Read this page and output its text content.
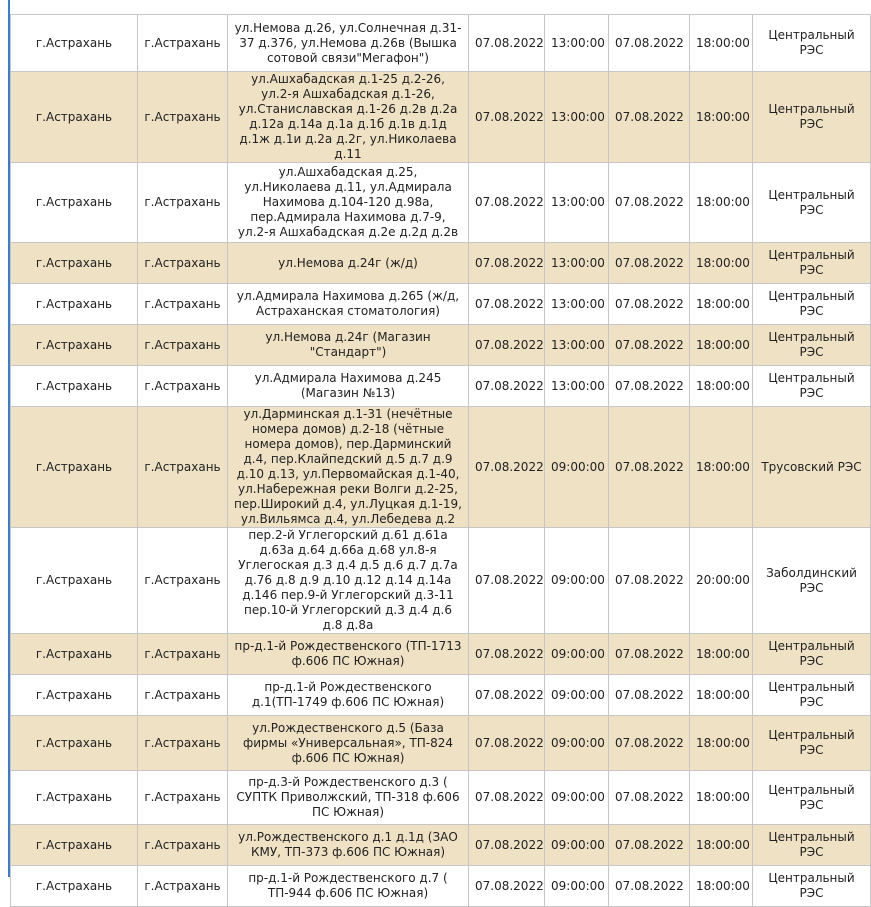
г.Астрахань	г.Астрахань	ул.Немова д.26, ул.Солнечная д.31-37 д.376, ул.Немова д.26в (Вышка сотовой связи"Мегафон")	07.08.2022	13:00:00	07.08.2022	18:00:00	Центральный РЭС
г.Астрахань	г.Астрахань	ул.Ашхабадская д.1-25 д.2-26, ул.2-я Ашхабадская д.1-26, ул.Станиславская д.1-26 д.2в д.2а д.12а д.14а д.1а д.1б д.1в д.1д д.1ж д.1и д.2а д.2г, ул.Николаева д.11	07.08.2022	13:00:00	07.08.2022	18:00:00	Центральный РЭС
г.Астрахань	г.Астрахань	ул.Ашхабадская д.25, ул.Николаева д.11, ул.Адмирала Нахимова д.104-120 д.98а, пер.Адмирала Нахимова д.7-9, ул.2-я Ашхабадская д.2е д.2д д.2в	07.08.2022	13:00:00	07.08.2022	18:00:00	Центральный РЭС
г.Астрахань	г.Астрахань	ул.Немова д.24г (ж/д)	07.08.2022	13:00:00	07.08.2022	18:00:00	Центральный РЭС
г.Астрахань	г.Астрахань	ул.Адмирала Нахимова д.265 (ж/д, Астраханская стоматология)	07.08.2022	13:00:00	07.08.2022	18:00:00	Центральный РЭС
г.Астрахань	г.Астрахань	ул.Немова д.24г (Магазин "Стандарт")	07.08.2022	13:00:00	07.08.2022	18:00:00	Центральный РЭС
г.Астрахань	г.Астрахань	ул.Адмирала Нахимова д.245 (Магазин №13)	07.08.2022	13:00:00	07.08.2022	18:00:00	Центральный РЭС
г.Астрахань	г.Астрахань	ул.Дарминская д.1-31 (нечётные номера домов) д.2-18 (чётные номера домов), пер.Дарминский д.4, пер.Клайпедский д.5 д.7 д.9 д.10 д.13, ул.Первомайская д.1-40, ул.Набережная реки Волги д.2-25, пер.Широкий д.4, ул.Луцкая д.1-19, ул.Вильямса д.4, ул.Лебедева д.2	07.08.2022	09:00:00	07.08.2022	18:00:00	Трусовский РЭС
г.Астрахань	г.Астрахань	пер.2-й Углегорский д.61 д.61а д.63а д.64 д.66а д.68 ул.8-я Углегоская д.3 д.4 д.5 д.6 д.7 д.7а д.76 д.8 д.9 д.10 д.12 д.14 д.14а д.146 пер.9-й Углегорский д.3-11 пер.10-й Углегорский д.3 д.4 д.6 д.8 д.8а	07.08.2022	09:00:00	07.08.2022	20:00:00	Заболдинский РЭС
г.Астрахань	г.Астрахань	пр-д.1-й Рождественского (ТП-1713 ф.606 ПС Южная)	07.08.2022	09:00:00	07.08.2022	18:00:00	Центральный РЭС
г.Астрахань	г.Астрахань	пр-д.1-й Рождественского д.1(ТП-1749 ф.606 ПС Южная)	07.08.2022	09:00:00	07.08.2022	18:00:00	Центральный РЭС
г.Астрахань	г.Астрахань	ул.Рождественского д.5 (База фирмы «Универсальная», ТП-824 ф.606 ПС Южная)	07.08.2022	09:00:00	07.08.2022	18:00:00	Центральный РЭС
г.Астрахань	г.Астрахань	пр-д.3-й Рождественского д.3 ( СУПТК Приволжский, ТП-318 ф.606 ПС Южная)	07.08.2022	09:00:00	07.08.2022	18:00:00	Центральный РЭС
г.Астрахань	г.Астрахань	ул.Рождественского д.1 д.1д (ЗАО КМУ, ТП-373 ф.606 ПС Южная)	07.08.2022	09:00:00	07.08.2022	18:00:00	Центральный РЭС
г.Астрахань	г.Астрахань	пр-д.1-й Рождественского д.7 ( ТП-944 ф.606 ПС Южная)	07.08.2022	09:00:00	07.08.2022	18:00:00	Центральный РЭС
